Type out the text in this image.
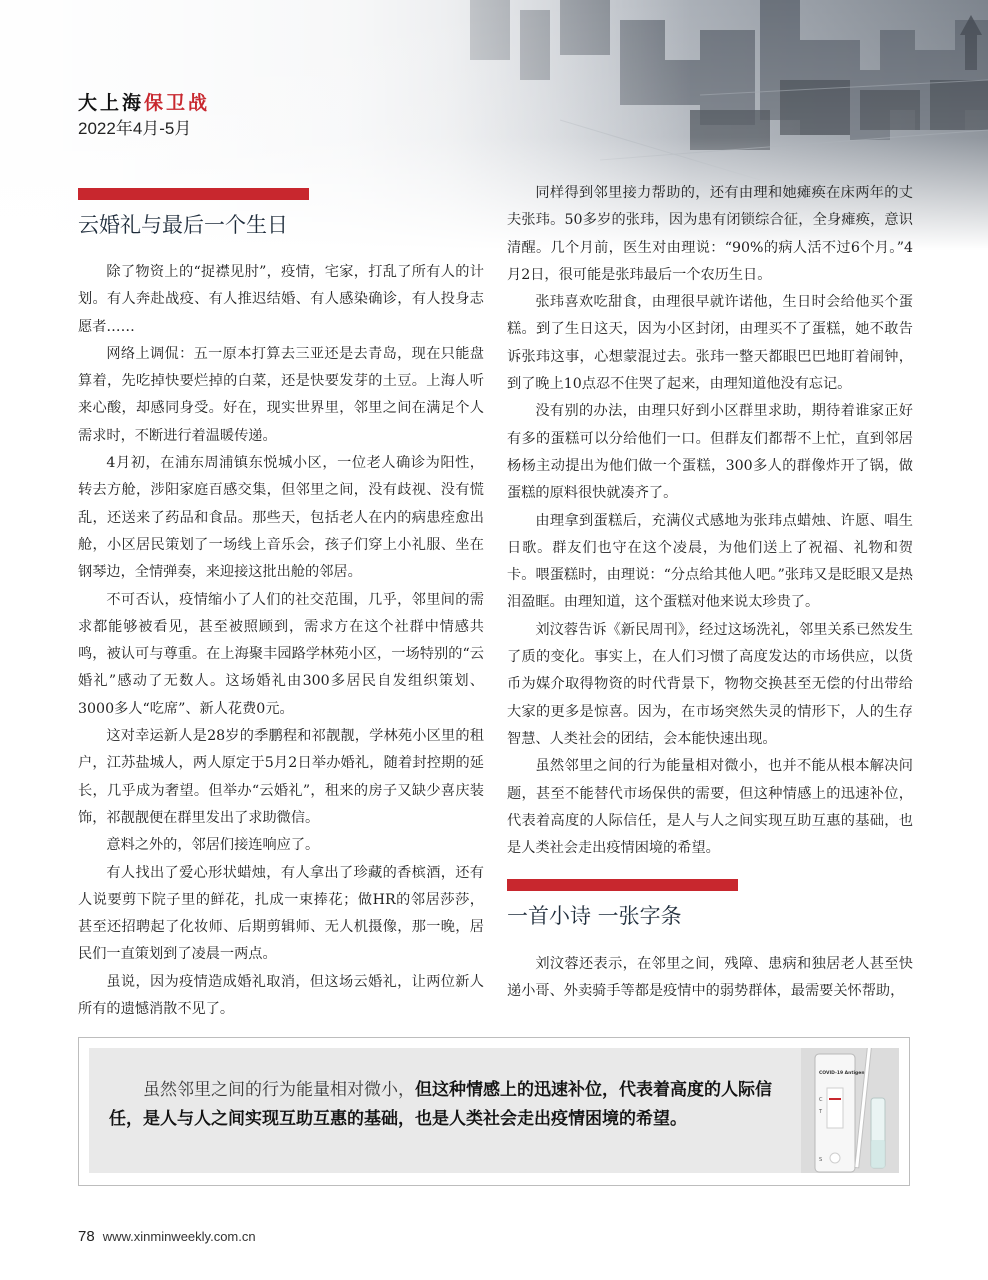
大上海保卫战
2022年4月-5月
云婚礼与最后一个生日

除了物资上的“捉襟见肘”，疫情，宅家，打乱了所有人的计划。有人奔赴战疫、有人推迟结婚、有人感染确诊，有人投身志愿者……

网络上调侃：五一原本打算去三亚还是去青岛，现在只能盘算着，先吃掉快要烂掉的白菜，还是快要发芽的土豆。上海人听来心酸，却感同身受。好在，现实世界里，邻里之间在满足个人需求时，不断进行着温暖传递。

4月初，在浦东周浦镇东悦城小区，一位老人确诊为阳性，转去方舱，涉阳家庭百感交集，但邻里之间，没有歧视、没有慌乱，还送来了药品和食品。那些天，包括老人在内的病患痊愈出舱，小区居民策划了一场线上音乐会，孩子们穿上小礼服、坐在钢琴边，全情弹奏，来迎接这批出舱的邻居。

不可否认，疫情缩小了人们的社交范围，几乎，邻里间的需求都能够被看见，甚至被照顾到，需求方在这个社群中情感共鸣，被认可与尊重。在上海聚丰园路学林苑小区，一场特别的“云婚礼”感动了无数人。这场婚礼由300多居民自发组织策划、3000多人“吃席”、新人花费0元。

这对幸运新人是28岁的季鹏程和祁靓靓，学林苑小区里的租户，江苏盐城人，两人原定于5月2日举办婚礼，随着封控期的延长，几乎成为奢望。但举办“云婚礼”，租来的房子又缺少喜庆装饰，祁靓靓便在群里发出了求助微信。

意料之外的，邻居们接连响应了。

有人找出了爱心形状蜡烛，有人拿出了珍藏的香槟酒，还有人说要剪下院子里的鲜花，扎成一束捧花；做HR的邻居莎莎，甚至还招聘起了化妆师、后期剪辑师、无人机摄像，那一晚，居民们一直策划到了凌晨一两点。

虽说，因为疫情造成婚礼取消，但这场云婚礼，让两位新人所有的遗憾消散不见了。

同样得到邻里接力帮助的，还有由理和她瘫痪在床两年的丈夫张玮。50多岁的张玮，因为患有闭锁综合征，全身瘫痪，意识清醒。几个月前，医生对由理说：“90%的病人活不过6个月。”4月2日，很可能是张玮最后一个农历生日。

张玮喜欢吃甜食，由理很早就许诺他，生日时会给他买个蛋糕。到了生日这天，因为小区封闭，由理买不了蛋糕，她不敢告诉张玮这事，心想蒙混过去。张玮一整天都眼巴巴地盯着闹钟，到了晚上10点忍不住哭了起来，由理知道他没有忘记。

没有别的办法，由理只好到小区群里求助，期待着谁家正好有多的蛋糕可以分给他们一口。但群友们都帮不上忙，直到邻居杨杨主动提出为他们做一个蛋糕，300多人的群像炸开了锅，做蛋糕的原料很快就凑齐了。

由理拿到蛋糕后，充满仪式感地为张玮点蜡烛、许愿、唱生日歌。群友们也守在这个凌晨，为他们送上了祝福、礼物和贺卡。喂蛋糕时，由理说：“分点给其他人吧。”张玮又是眨眼又是热泪盈眶。由理知道，这个蛋糕对他来说太珍贵了。

刘汶蓉告诉《新民周刊》，经过这场洗礼，邻里关系已然发生了质的变化。事实上，在人们习惯了高度发达的市场供应，以货币为媒介取得物资的时代背景下，物物交换甚至无偿的付出带给大家的更多是惊喜。因为，在市场突然失灵的情形下，人的生存智慧、人类社会的团结，会本能快速出现。

虽然邻里之间的行为能量相对微小，也并不能从根本解决问题，甚至不能替代市场保供的需要，但这种情感上的迅速补位，代表着高度的人际信任，是人与人之间实现互助互惠的基础，也是人类社会走出疫情困境的希望。

一首小诗 一张字条

刘汶蓉还表示，在邻里之间，残障、患病和独居老人甚至快递小哥、外卖骑手等都是疫情中的弱势群体，最需要关怀帮助，

虽然邻里之间的行为能量相对微小，但这种情感上的迅速补位，代表着高度的人际信任，是人与人之间实现互助互惠的基础，也是人类社会走出疫情困境的希望。
COVID-19 Antigen
C
T
S
78 www.xinminweekly.com.cn
